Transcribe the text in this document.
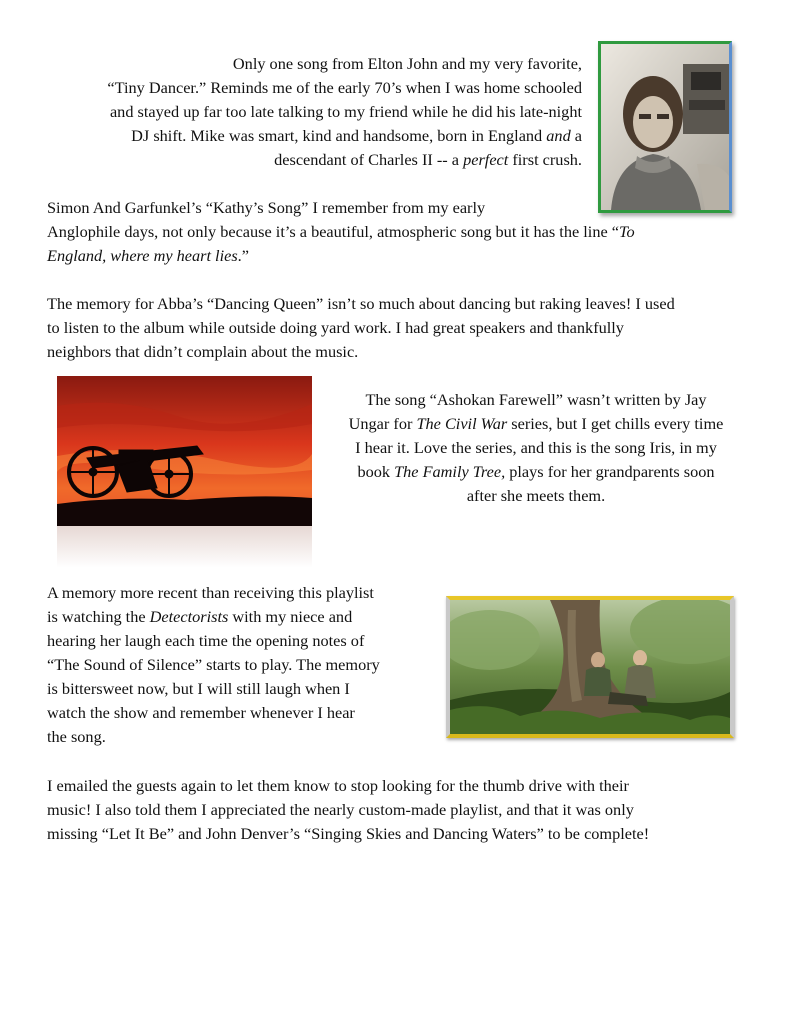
Only one song from Elton John and my very favorite,
“Tiny Dancer.” Reminds me of the early 70’s when I was home schooled
and stayed up far too late talking to my friend while he did his late-night
DJ shift. Mike was smart, kind and handsome, born in England and a
descendant of Charles II -- a perfect first crush.
Simon And Garfunkel’s “Kathy’s Song” I remember from my early
Anglophile days, not only because it’s a beautiful, atmospheric song but it has the line “To
England, where my heart lies.”
The memory for Abba’s “Dancing Queen” isn’t so much about dancing but raking leaves! I used
to listen to the album while outside doing yard work. I had great speakers and thankfully
neighbors that didn’t complain about the music.
The song “Ashokan Farewell” wasn’t written by Jay
Ungar for The Civil War series, but I get chills every time
I hear it. Love the series, and this is the song Iris, in my
book The Family Tree, plays for her grandparents soon
after she meets them.
A memory more recent than receiving this playlist
is watching the Detectorists with my niece and
hearing her laugh each time the opening notes of
“The Sound of Silence” starts to play. The memory
is bittersweet now, but I will still laugh when I
watch the show and remember whenever I hear
the song.
I emailed the guests again to let them know to stop looking for the thumb drive with their
music! I also told them I appreciated the nearly custom-made playlist, and that it was only
missing “Let It Be” and John Denver’s “Singing Skies and Dancing Waters” to be complete!
